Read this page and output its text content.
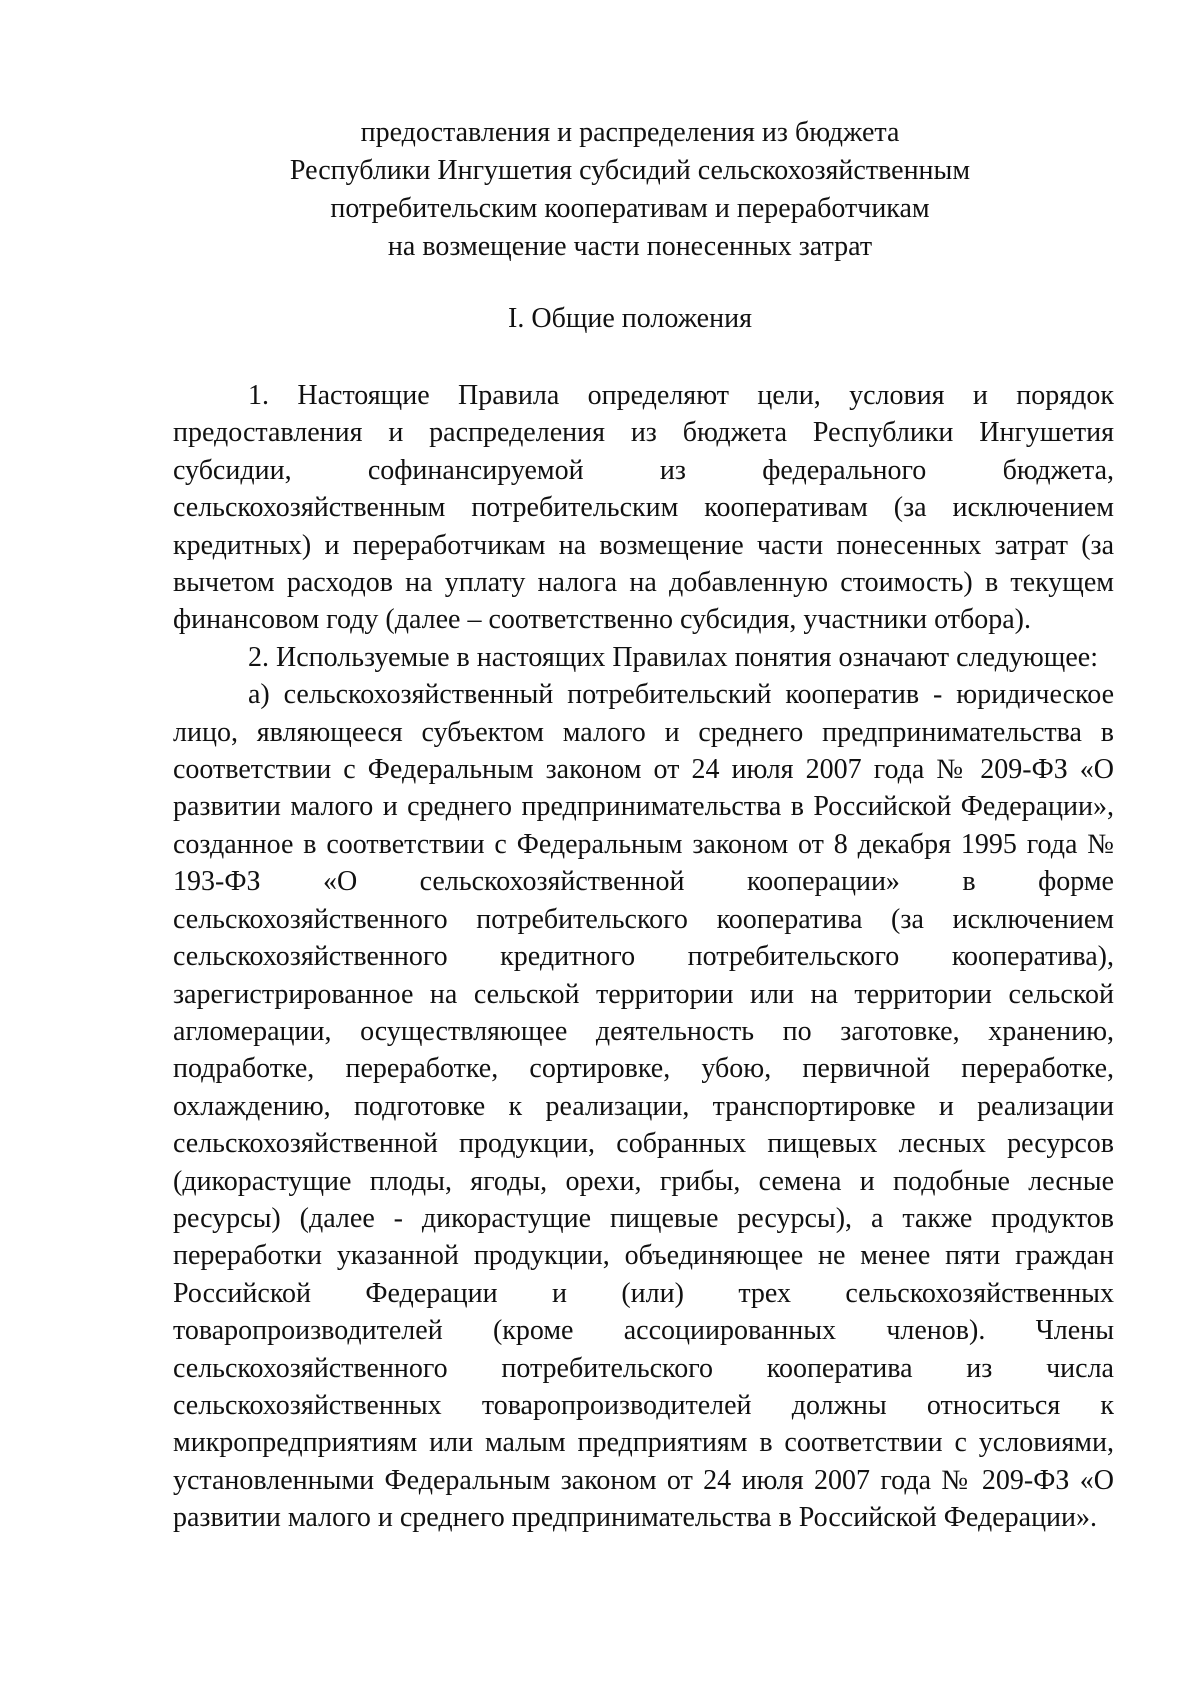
предоставления и распределения из бюджета
Республики Ингушетия субсидий сельскохозяйственным
потребительским кооперативам и переработчикам
на возмещение части понесенных затрат
I. Общие положения

1. Настоящие Правила определяют цели, условия и порядок предоставления и распределения из бюджета Республики Ингушетия субсидии, софинансируемой из федерального бюджета, сельскохозяйственным потребительским кооперативам (за исключением кредитных) и переработчикам на возмещение части понесенных затрат (за вычетом расходов на уплату налога на добавленную стоимость) в текущем финансовом году (далее – соответственно субсидия, участники отбора).

2. Используемые в настоящих Правилах понятия означают следующее:

а) сельскохозяйственный потребительский кооператив - юридическое лицо, являющееся субъектом малого и среднего предпринимательства в соответствии с Федеральным законом от 24 июля 2007 года № 209-ФЗ «О развитии малого и среднего предпринимательства в Российской Федерации», созданное в соответствии с Федеральным законом от 8 декабря 1995 года № 193-ФЗ «О сельскохозяйственной кооперации» в форме сельскохозяйственного потребительского кооператива (за исключением сельскохозяйственного кредитного потребительского кооператива), зарегистрированное на сельской территории или на территории сельской агломерации, осуществляющее деятельность по заготовке, хранению, подработке, переработке, сортировке, убою, первичной переработке, охлаждению, подготовке к реализации, транспортировке и реализации сельскохозяйственной продукции, собранных пищевых лесных ресурсов (дикорастущие плоды, ягоды, орехи, грибы, семена и подобные лесные ресурсы) (далее - дикорастущие пищевые ресурсы), а также продуктов переработки указанной продукции, объединяющее не менее пяти граждан Российской Федерации и (или) трех сельскохозяйственных товаропроизводителей (кроме ассоциированных членов). Члены сельскохозяйственного потребительского кооператива из числа сельскохозяйственных товаропроизводителей должны относиться к микропредприятиям или малым предприятиям в соответствии с условиями, установленными Федеральным законом от 24 июля 2007 года № 209-ФЗ «О развитии малого и среднего предпринимательства в Российской Федерации».
